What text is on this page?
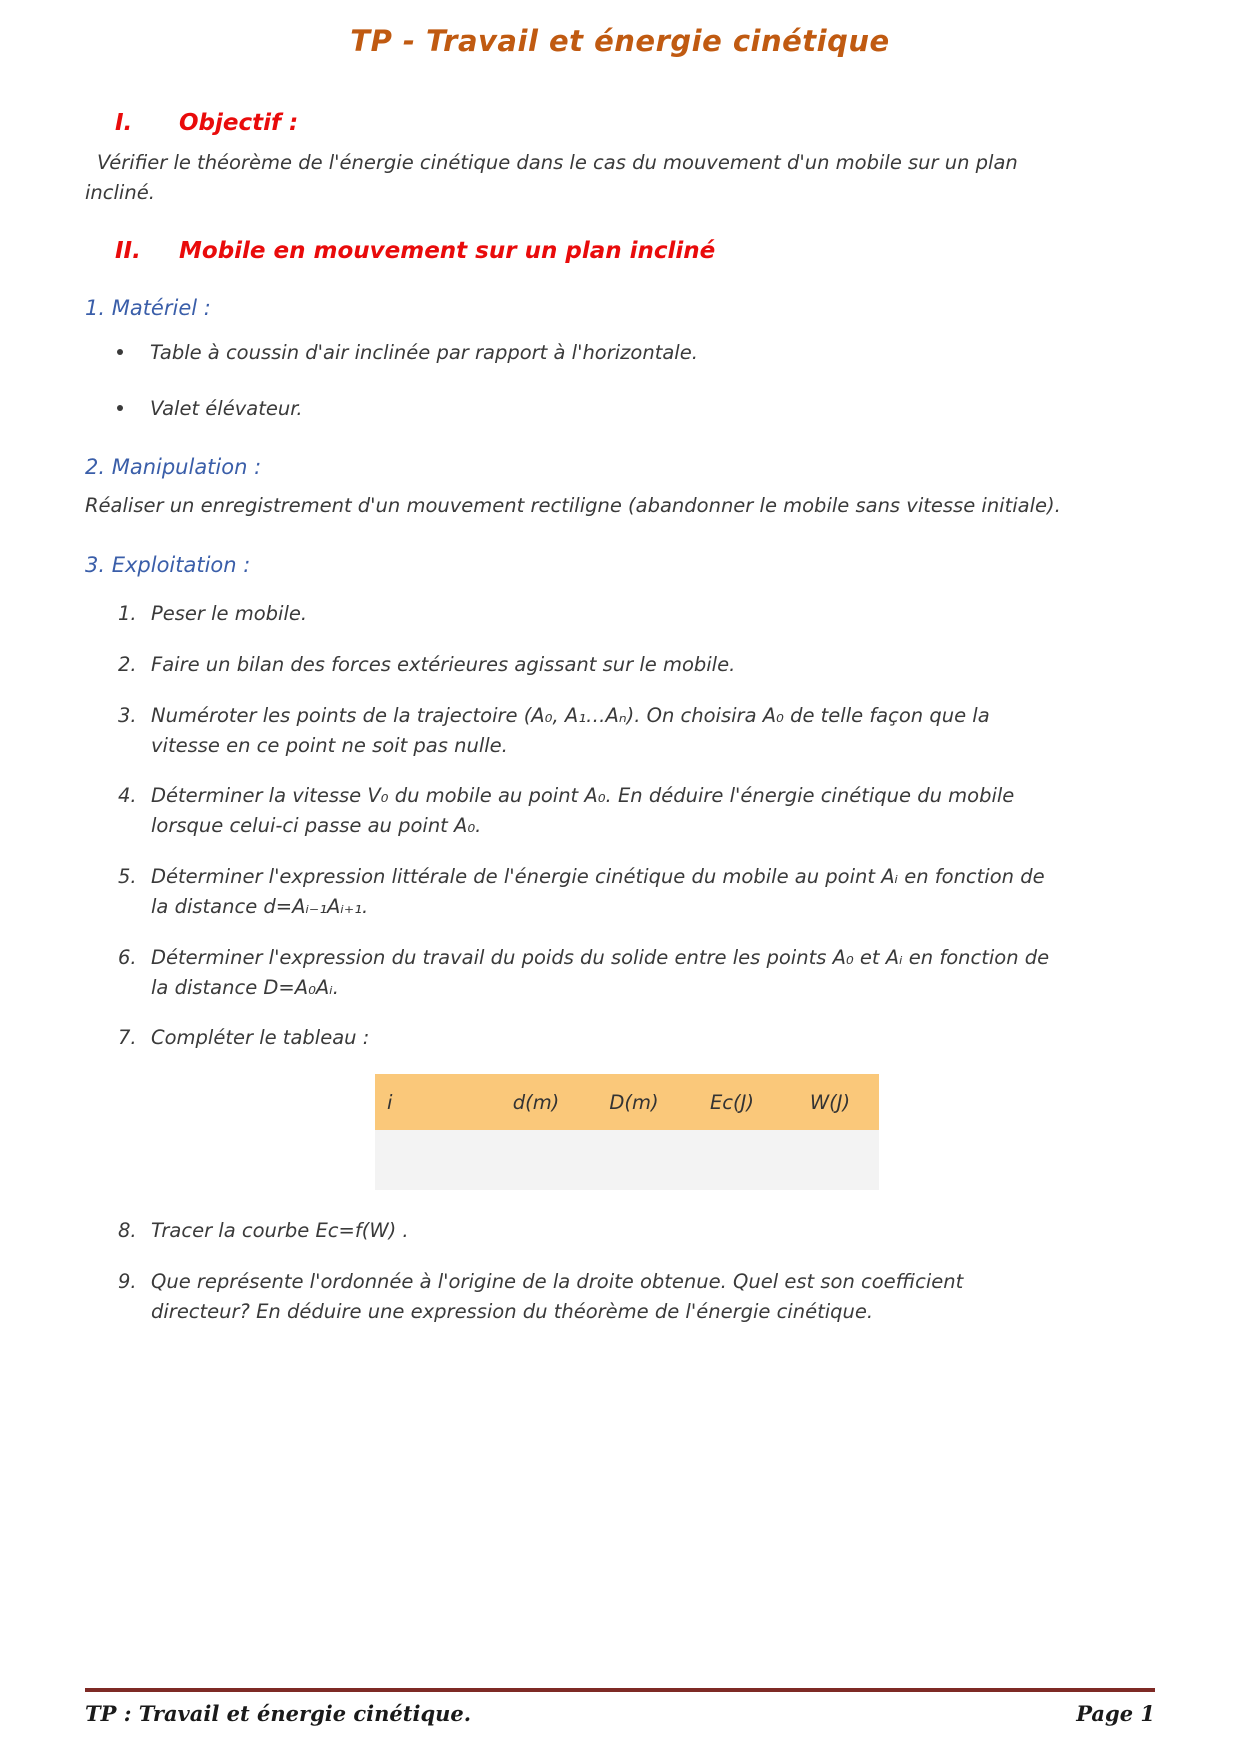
TP - Travail et énergie cinétique
I. Objectif :

Vérifier le théorème de l'énergie cinétique dans le cas du mouvement d'un mobile sur un plan incliné.

II. Mobile en mouvement sur un plan incliné
1. Matériel :
Table à coussin d'air inclinée par rapport à l'horizontale.
Valet élévateur.
2. Manipulation :

Réaliser un enregistrement d'un mouvement rectiligne (abandonner le mobile sans vitesse initiale).

3. Exploitation :
1. Peser le mobile.
2. Faire un bilan des forces extérieures agissant sur le mobile.
3. Numéroter les points de la trajectoire (A₀, A₁…Aₙ). On choisira A₀ de telle façon que la vitesse en ce point ne soit pas nulle.
4. Déterminer la vitesse V₀ du mobile au point A₀. En déduire l'énergie cinétique du mobile lorsque celui-ci passe au point A₀.
5. Déterminer l'expression littérale de l'énergie cinétique du mobile au point Aᵢ en fonction de la distance d=Aᵢ₋₁Aᵢ₊₁.
6. Déterminer l'expression du travail du poids du solide entre les points A₀ et Aᵢ en fonction de la distance D=A₀Aᵢ.
7. Compléter le tableau :
i	d(m)	D(m)	Ec(J)	W(J)

8. Tracer la courbe Ec=f(W) .
9. Que représente l'ordonnée à l'origine de la droite obtenue. Quel est son coefficient directeur? En déduire une expression du théorème de l'énergie cinétique.
TP : Travail et énergie cinétique.	Page 1
